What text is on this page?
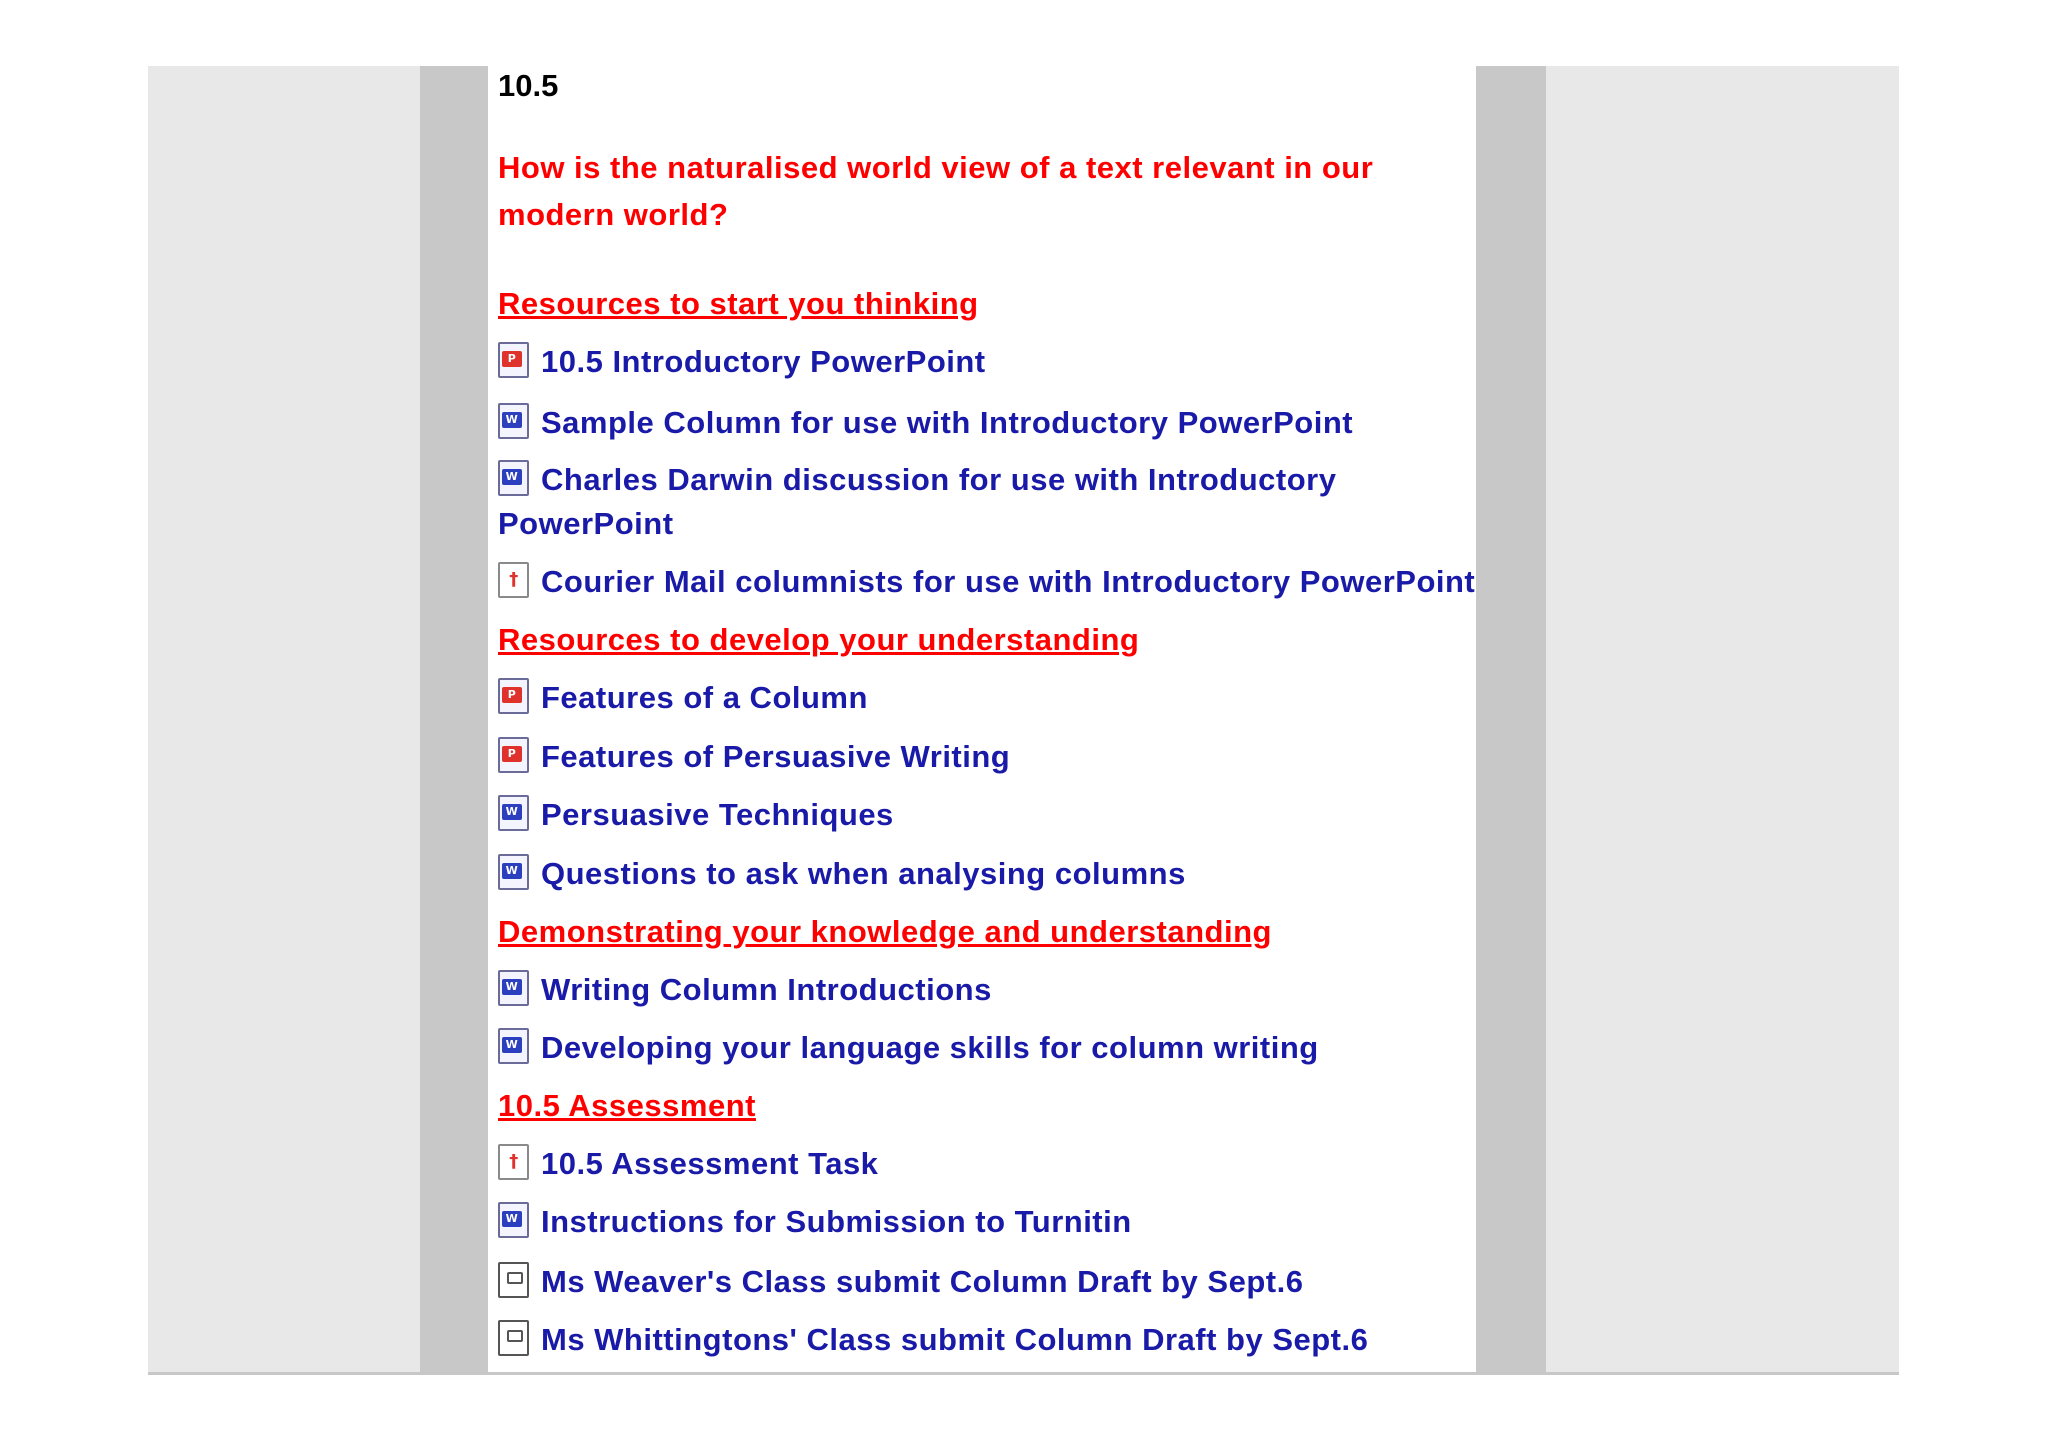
10.5
How is the naturalised world view of a text relevant in our modern world?
Resources to start you thinking
P 10.5 Introductory PowerPoint
W Sample Column for use with Introductory PowerPoint
W Charles Darwin discussion for use with Introductory
PowerPoint
† Courier Mail columnists for use with Introductory PowerPoint
Resources to develop your understanding
P Features of a Column
P Features of Persuasive Writing
W Persuasive Techniques
W Questions to ask when analysing columns
Demonstrating your knowledge and understanding
W Writing Column Introductions
W Developing your language skills for column writing
10.5 Assessment
† 10.5 Assessment Task
W Instructions for Submission to Turnitin
Ms Weaver's Class submit Column Draft by Sept.6
Ms Whittingtons' Class submit Column Draft by Sept.6
